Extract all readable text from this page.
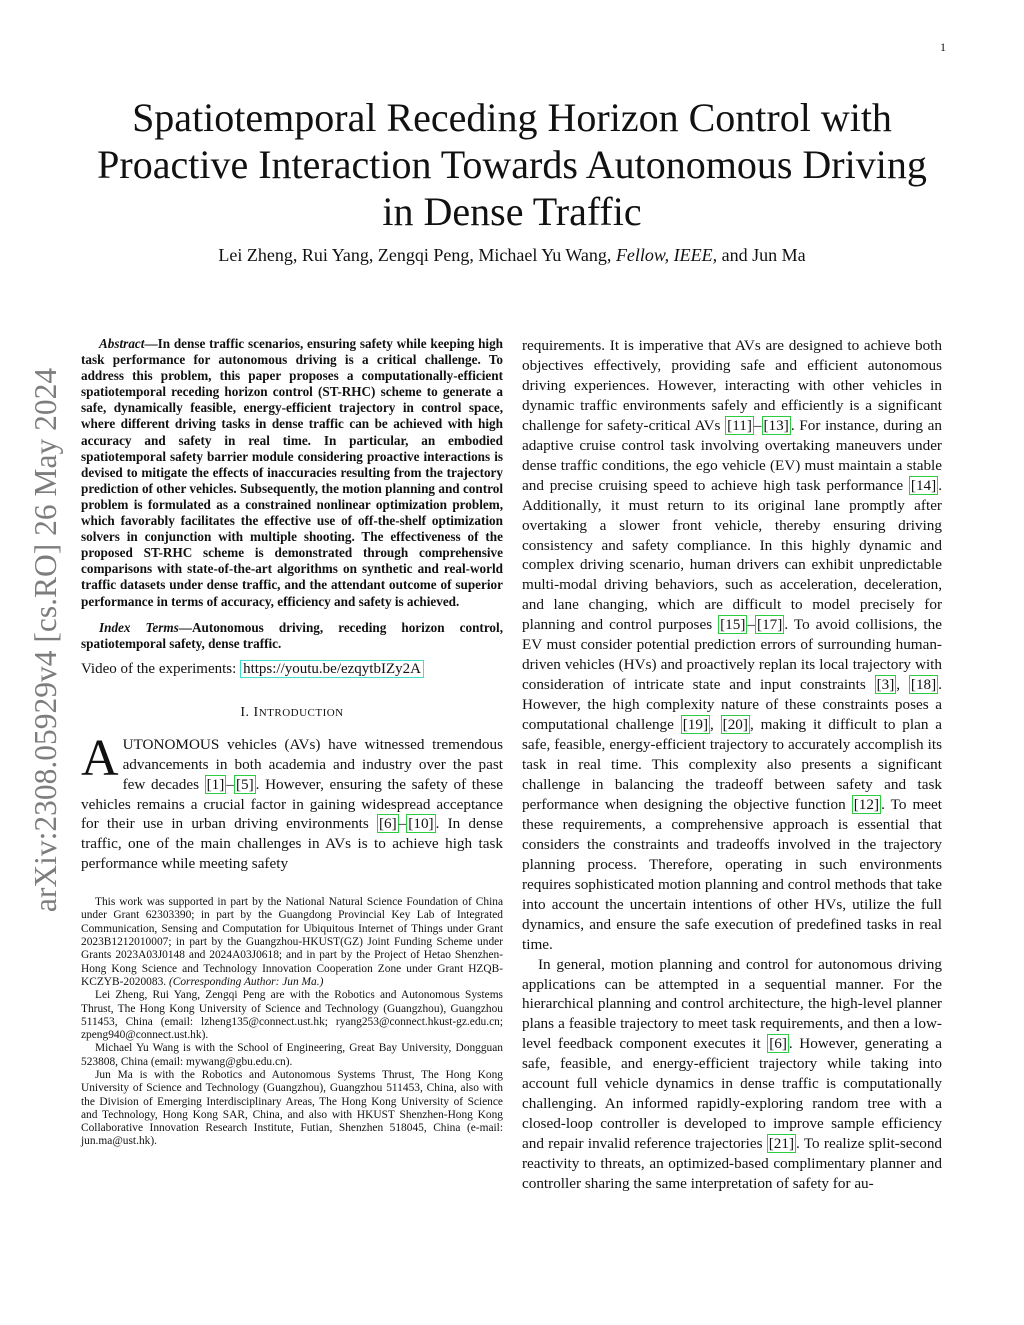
1
arXiv:2308.05929v4 [cs.RO] 26 May 2024
Spatiotemporal Receding Horizon Control with
Proactive Interaction Towards Autonomous Driving
in Dense Traffic
Lei Zheng, Rui Yang, Zengqi Peng, Michael Yu Wang, Fellow, IEEE, and Jun Ma

Abstract—In dense traffic scenarios, ensuring safety while keeping high task performance for autonomous driving is a critical challenge. To address this problem, this paper proposes a computationally-efficient spatiotemporal receding horizon control (ST-RHC) scheme to generate a safe, dynamically feasible, energy-efficient trajectory in control space, where different driving tasks in dense traffic can be achieved with high accuracy and safety in real time. In particular, an embodied spatiotemporal safety barrier module considering proactive interactions is devised to mitigate the effects of inaccuracies resulting from the trajectory prediction of other vehicles. Subsequently, the motion planning and control problem is formulated as a constrained nonlinear optimization problem, which favorably facilitates the effective use of off-the-shelf optimization solvers in conjunction with multiple shooting. The effectiveness of the proposed ST-RHC scheme is demonstrated through comprehensive comparisons with state-of-the-art algorithms on synthetic and real-world traffic datasets under dense traffic, and the attendant outcome of superior performance in terms of accuracy, efficiency and safety is achieved.

Index Terms—Autonomous driving, receding horizon control, spatiotemporal safety, dense traffic.

Video of the experiments: https://youtu.be/ezqytbIZy2A

I. INTRODUCTION

AUTONOMOUS vehicles (AVs) have witnessed tremendous advancements in both academia and industry over the past few decades [1] – [5] . However, ensuring the safety of these vehicles remains a crucial factor in gaining widespread acceptance for their use in urban driving environments [6] – [10] . In dense traffic, one of the main challenges in AVs is to achieve high task performance while meeting safety

This work was supported in part by the National Natural Science Foundation of China under Grant 62303390; in part by the Guangdong Provincial Key Lab of Integrated Communication, Sensing and Computation for Ubiquitous Internet of Things under Grant 2023B1212010007; in part by the Guangzhou-HKUST(GZ) Joint Funding Scheme under Grants 2023A03J0148 and 2024A03J0618; and in part by the Project of Hetao Shenzhen-Hong Kong Science and Technology Innovation Cooperation Zone under Grant HZQB-KCZYB-2020083. (Corresponding Author: Jun Ma.)

Lei Zheng, Rui Yang, Zengqi Peng are with the Robotics and Autonomous Systems Thrust, The Hong Kong University of Science and Technology (Guangzhou), Guangzhou 511453, China (email: lzheng135@connect.ust.hk; ryang253@connect.hkust-gz.edu.cn; zpeng940@connect.ust.hk).

Michael Yu Wang is with the School of Engineering, Great Bay University, Dongguan 523808, China (email: mywang@gbu.edu.cn).

Jun Ma is with the Robotics and Autonomous Systems Thrust, The Hong Kong University of Science and Technology (Guangzhou), Guangzhou 511453, China, also with the Division of Emerging Interdisciplinary Areas, The Hong Kong University of Science and Technology, Hong Kong SAR, China, and also with HKUST Shenzhen-Hong Kong Collaborative Innovation Research Institute, Futian, Shenzhen 518045, China (e-mail: jun.ma@ust.hk).

requirements. It is imperative that AVs are designed to achieve both objectives effectively, providing safe and efficient autonomous driving experiences. However, interacting with other vehicles in dynamic traffic environments safely and efficiently is a significant challenge for safety-critical AVs [11] – [13] . For instance, during an adaptive cruise control task involving overtaking maneuvers under dense traffic conditions, the ego vehicle (EV) must maintain a stable and precise cruising speed to achieve high task performance [14] . Additionally, it must return to its original lane promptly after overtaking a slower front vehicle, thereby ensuring driving consistency and safety compliance. In this highly dynamic and complex driving scenario, human drivers can exhibit unpredictable multi-modal driving behaviors, such as acceleration, deceleration, and lane changing, which are difficult to model precisely for planning and control purposes [15] – [17] . To avoid collisions, the EV must consider potential prediction errors of surrounding human-driven vehicles (HVs) and proactively replan its local trajectory with consideration of intricate state and input constraints [3] , [18] . However, the high complexity nature of these constraints poses a computational challenge [19] , [20] , making it difficult to plan a safe, feasible, energy-efficient trajectory to accurately accomplish its task in real time. This complexity also presents a significant challenge in balancing the tradeoff between safety and task performance when designing the objective function [12] . To meet these requirements, a comprehensive approach is essential that considers the constraints and tradeoffs involved in the trajectory planning process. Therefore, operating in such environments requires sophisticated motion planning and control methods that take into account the uncertain intentions of other HVs, utilize the full dynamics, and ensure the safe execution of predefined tasks in real time.

In general, motion planning and control for autonomous driving applications can be attempted in a sequential manner. For the hierarchical planning and control architecture, the high-level planner plans a feasible trajectory to meet task requirements, and then a low-level feedback component executes it [6] . However, generating a safe, feasible, and energy-efficient trajectory while taking into account full vehicle dynamics in dense traffic is computationally challenging. An informed rapidly-exploring random tree with a closed-loop controller is developed to improve sample efficiency and repair invalid reference trajectories [21] . To realize split-second reactivity to threats, an optimized-based complimentary planner and controller sharing the same interpretation of safety for au-
